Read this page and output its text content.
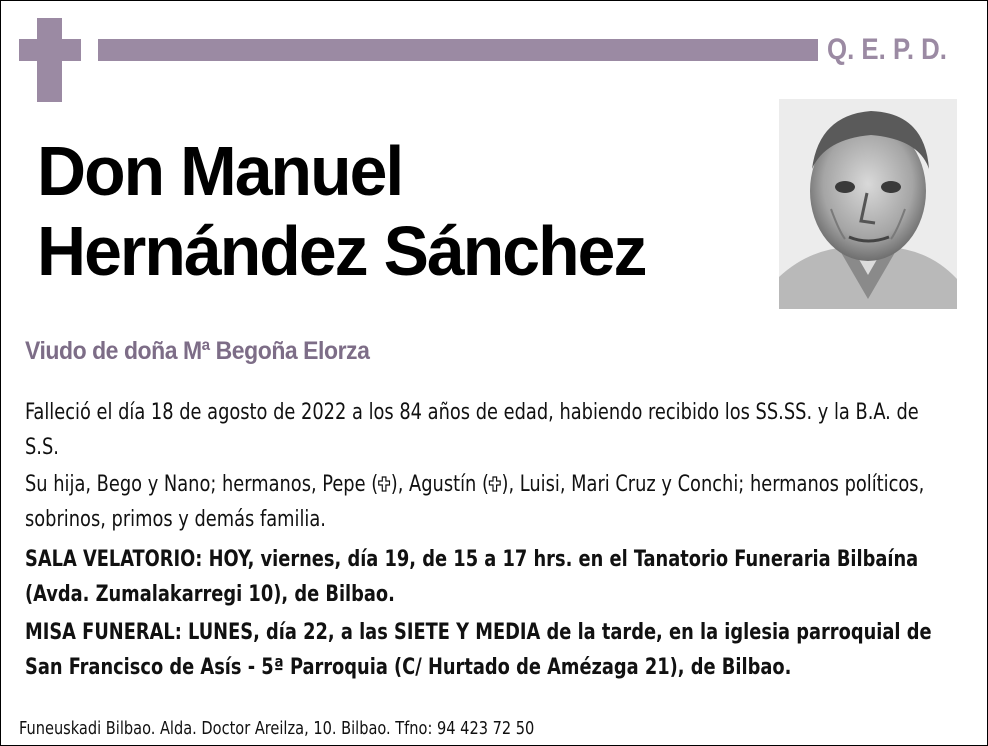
Q. E. P. D.
Don Manuel
Hernández Sánchez

Viudo de doña Mª Begoña Elorza

Falleció el día 18 de agosto de 2022 a los 84 años de edad, habiendo recibido los SS.SS. y la B.A. de S.S.

Su hija, Bego y Nano; hermanos, Pepe ( ), Agustín ( ), Luisi, Mari Cruz y Conchi; hermanos políticos, sobrinos, primos y demás familia.

SALA VELATORIO: HOY, viernes, día 19, de 15 a 17 hrs. en el Tanatorio Funeraria Bilbaína (Avda. Zumalakarregi 10), de Bilbao.

MISA FUNERAL: LUNES, día 22, a las SIETE Y MEDIA de la tarde, en la iglesia parroquial de San Francisco de Asís - 5ª Parroquia (C/ Hurtado de Amézaga 21), de Bilbao.

Funeuskadi Bilbao. Alda. Doctor Areilza, 10. Bilbao. Tfno: 94 423 72 50
